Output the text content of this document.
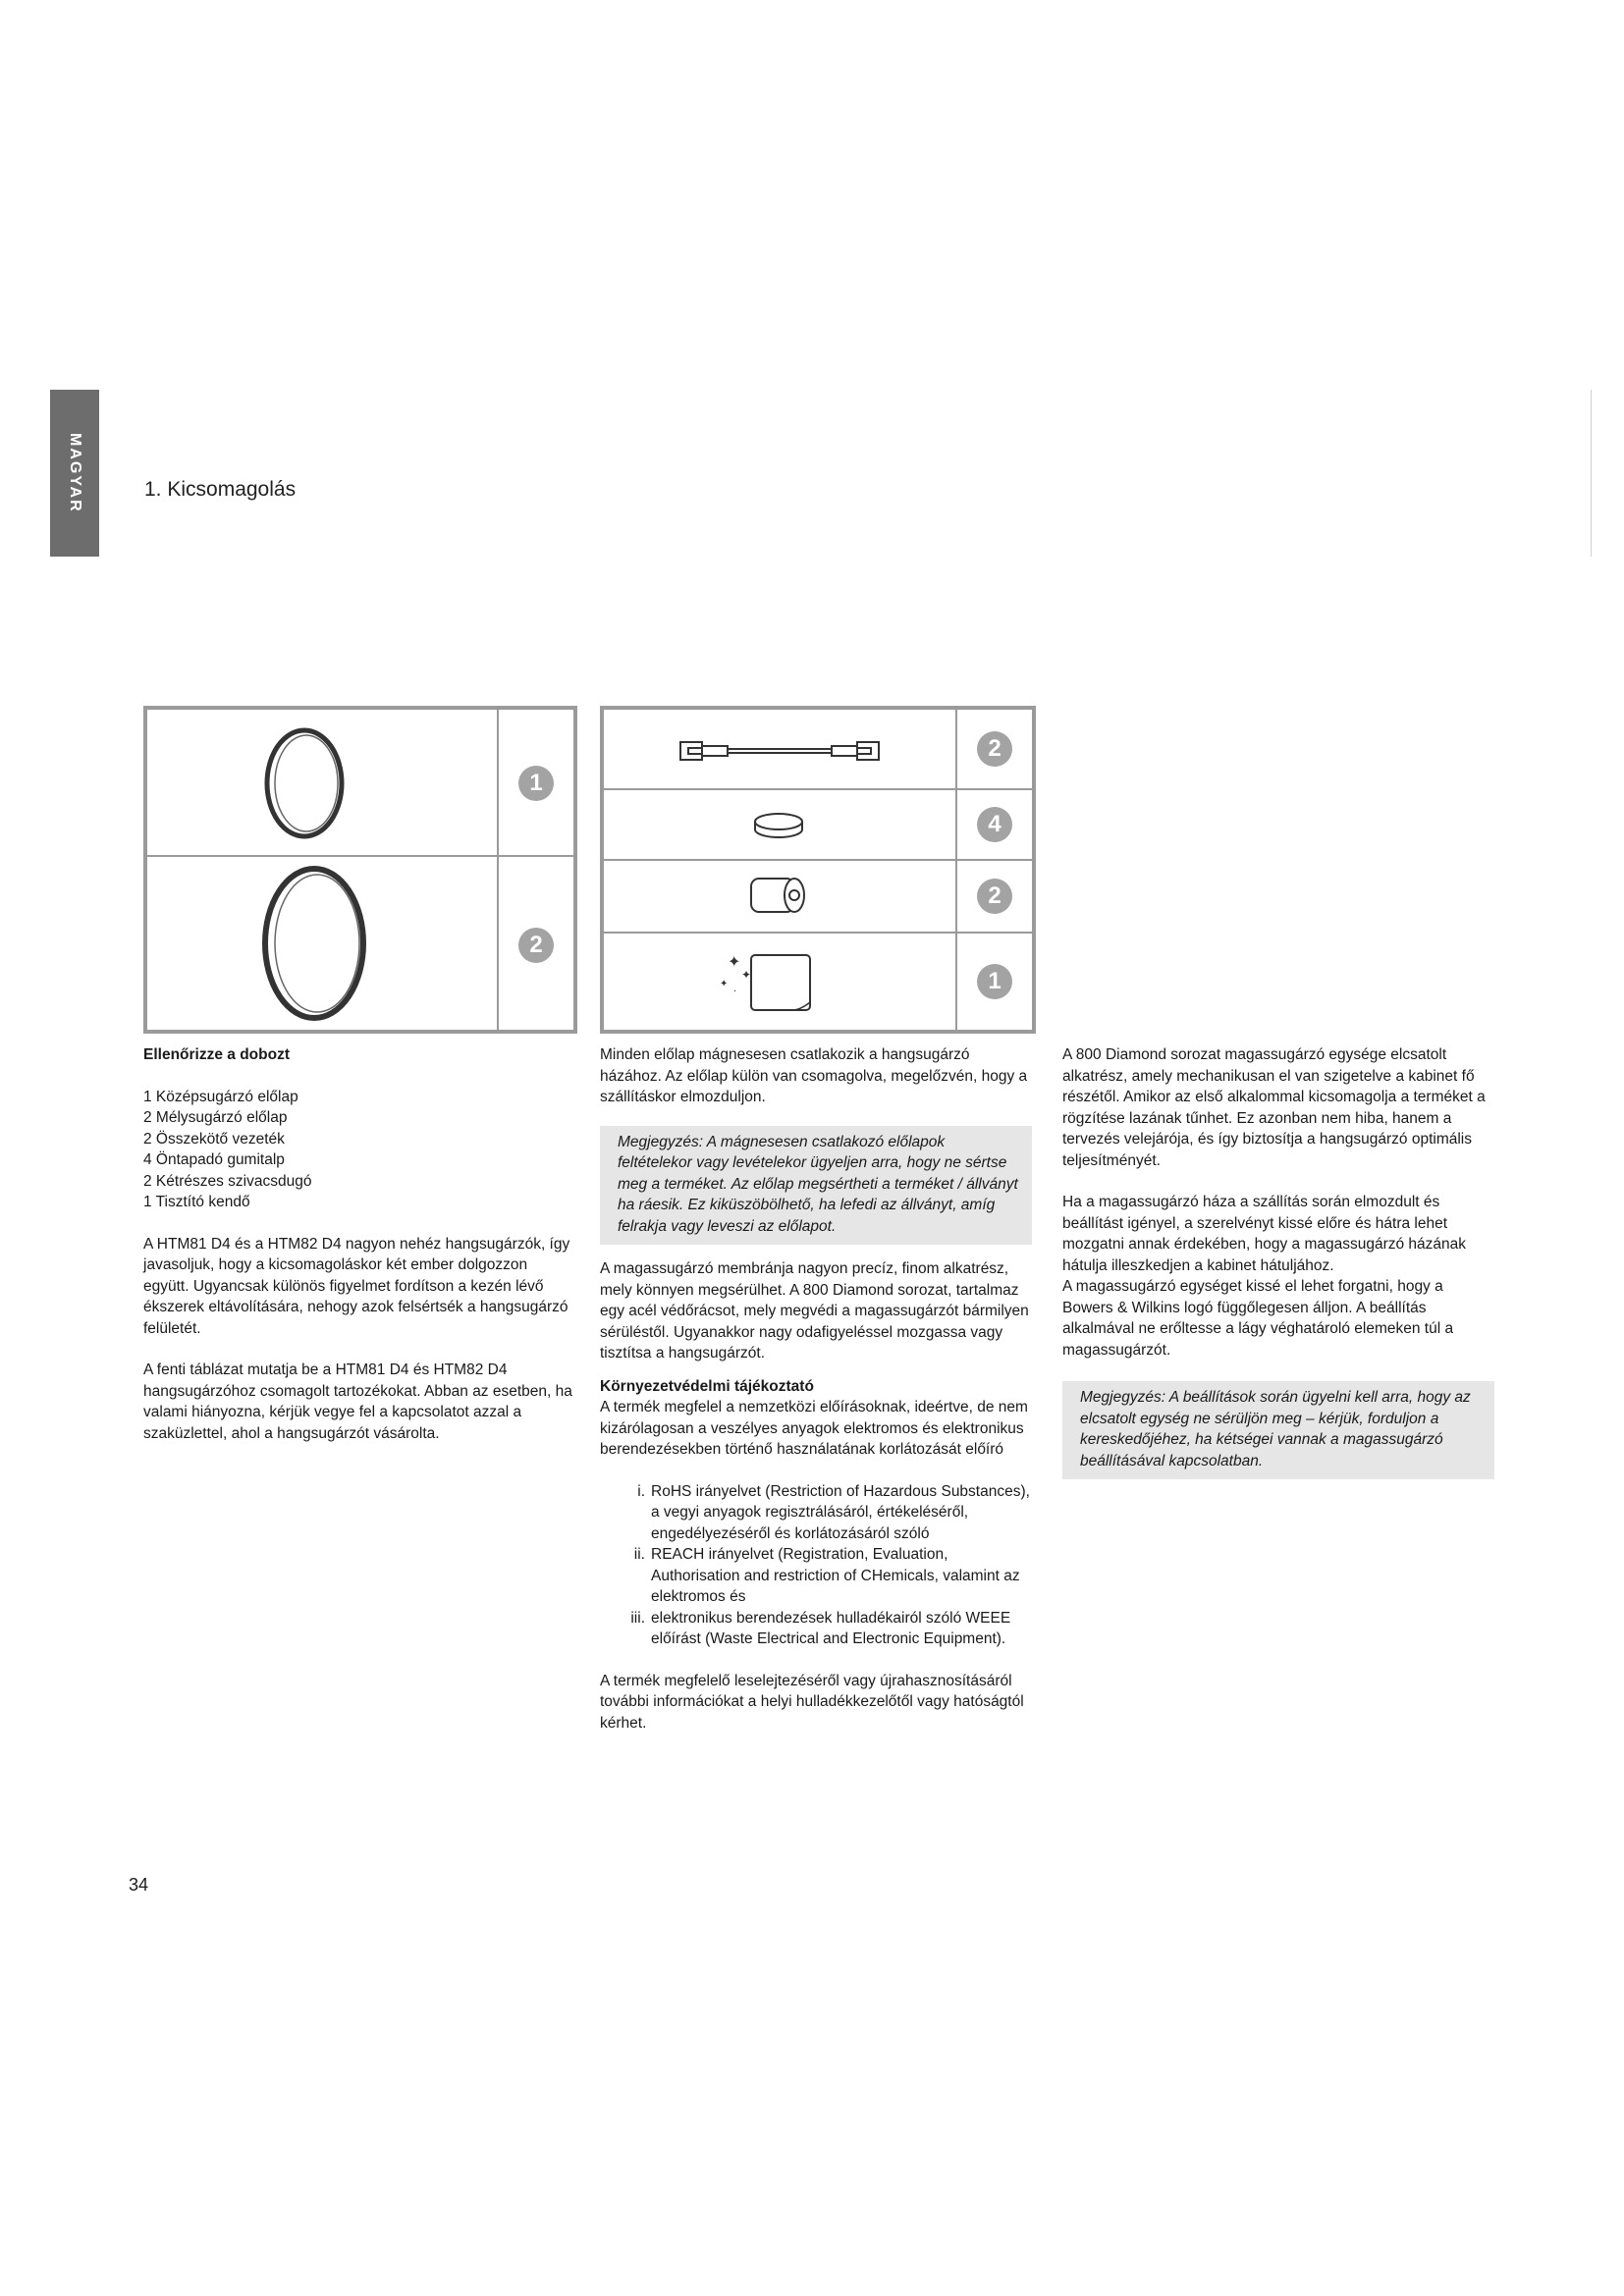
MAGYAR	1. Kicsomagolás
1
2
2
4
2
✦
✦
✦
·	1

Ellenőrizze a dobozt

1 Középsugárzó előlap
2 Mélysugárzó előlap
2 Összekötő vezeték
4 Öntapadó gumitalp
2 Kétrészes szivacsdugó
1 Tisztító kendő

A HTM81 D4 és a HTM82 D4 nagyon nehéz hangsugárzók, így javasoljuk, hogy a kicsomagoláskor két ember dolgozzon együtt. Ugyancsak különös figyelmet fordítson a kezén lévő ékszerek eltávolítására, nehogy azok felsértsék a hangsugárzó felületét.

A fenti táblázat mutatja be a HTM81 D4 és HTM82 D4 hangsugárzóhoz csomagolt tartozékokat. Abban az esetben, ha valami hiányozna, kérjük vegye fel a kapcsolatot azzal a szaküzlettel, ahol a hangsugárzót vásárolta.

Minden előlap mágnesesen csatlakozik a hangsugárzó házához. Az előlap külön van csomagolva, megelőzvén, hogy a szállításkor elmozduljon.

Megjegyzés: A mágnesesen csatlakozó előlapok feltételekor vagy levételekor ügyeljen arra, hogy ne sértse meg a terméket. Az előlap megsértheti a terméket / állványt ha ráesik. Ez kiküszöbölhető, ha lefedi az állványt, amíg felrakja vagy leveszi az előlapot.

A magassugárzó membránja nagyon precíz, finom alkatrész, mely könnyen megsérülhet. A 800 Diamond sorozat, tartalmaz egy acél védőrácsot, mely megvédi a magassugárzót bármilyen sérüléstől. Ugyanakkor nagy odafigyeléssel mozgassa vagy tisztítsa a hangsugárzót.

Környezetvédelmi tájékoztató

A termék megfelel a nemzetközi előírásoknak, ideértve, de nem kizárólagosan a veszélyes anyagok elektromos és elektronikus berendezésekben történő használatának korlátozását előíró

i. RoHS irányelvet (Restriction of Hazardous Substances), a vegyi anyagok regisztrálásáról, értékeléséről, engedélyezéséről és korlátozásáról szóló
ii. REACH irányelvet (Registration, Evaluation, Authorisation and restriction of CHemicals, valamint az elektromos és
iii. elektronikus berendezések hulladékairól szóló WEEE előírást (Waste Electrical and Electronic Equipment).

A termék megfelelő leselejtezéséről vagy újrahasznosításáról további információkat a helyi hulladékkezelőtől vagy hatóságtól kérhet.

A 800 Diamond sorozat magassugárzó egysége elcsatolt alkatrész, amely mechanikusan el van szigetelve a kabinet fő részétől. Amikor az első alkalommal kicsomagolja a terméket a rögzítése lazának tűnhet. Ez azonban nem hiba, hanem a tervezés velejárója, és így biztosítja a hangsugárzó optimális teljesítményét.

Ha a magassugárzó háza a szállítás során elmozdult és beállítást igényel, a szerelvényt kissé előre és hátra lehet mozgatni annak érdekében, hogy a magassugárzó házának hátulja illeszkedjen a kabinet hátuljához.

A magassugárzó egységet kissé el lehet forgatni, hogy a Bowers & Wilkins logó függőlegesen álljon. A beállítás alkalmával ne erőltesse a lágy véghatároló elemeken túl a magassugárzót.

Megjegyzés: A beállítások során ügyelni kell arra, hogy az elcsatolt egység ne sérüljön meg – kérjük, forduljon a kereskedőjéhez, ha kétségei vannak a magassugárzó beállításával kapcsolatban.
34
